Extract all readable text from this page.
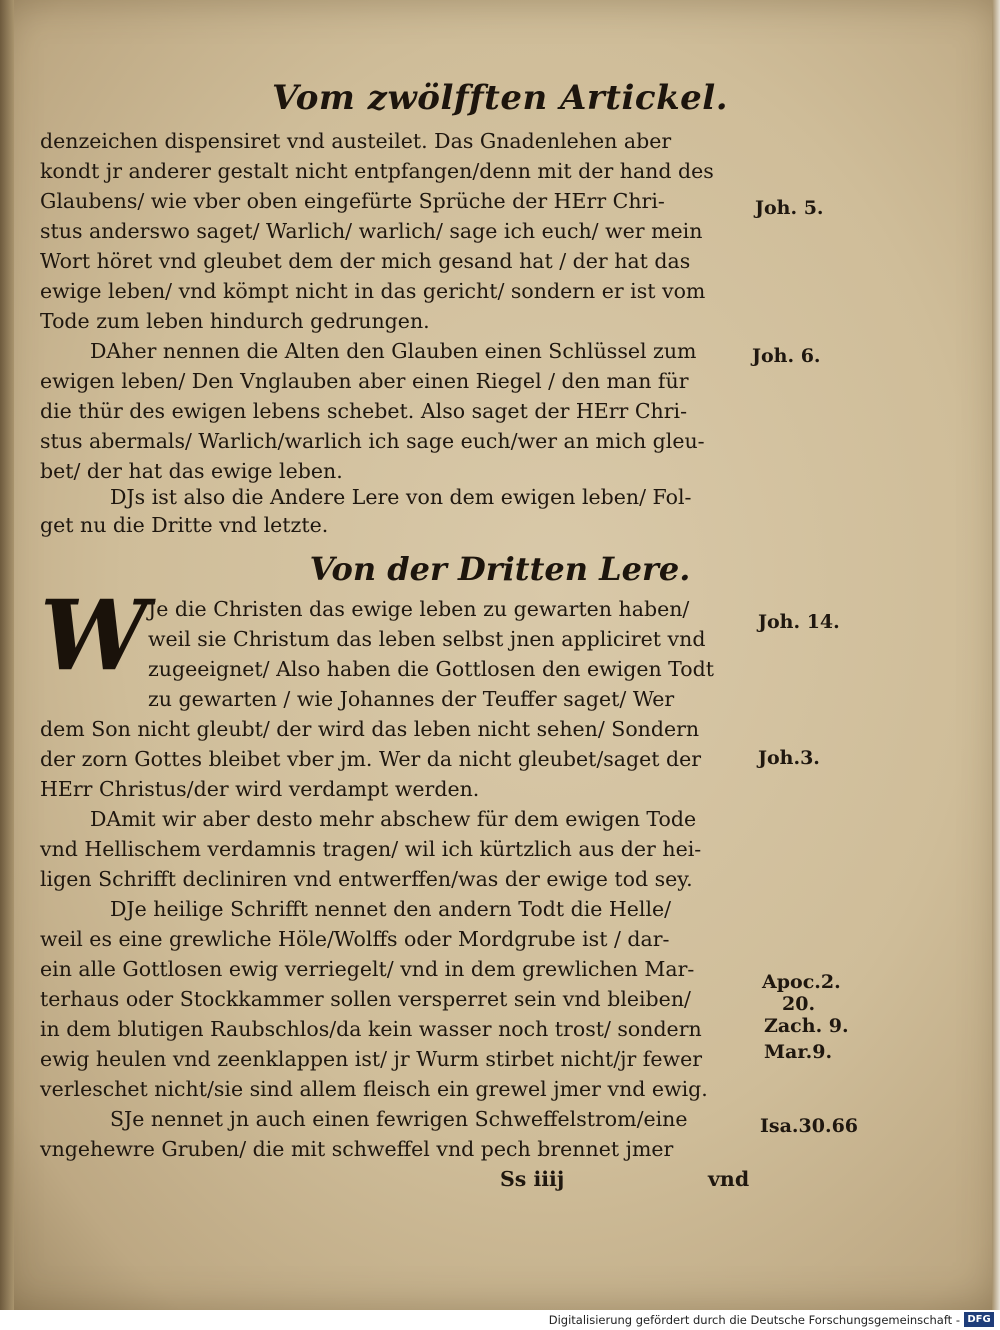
Vom zwölfften Artickel.
denzeichen dispensiret vnd austeilet. Das Gnadenlehen aber
kondt jr anderer gestalt nicht entpfangen/denn mit der hand des
Glaubens/ wie vber oben eingefürte Sprüche der HErr Chri-
stus anderswo saget/ Warlich/ warlich/ sage ich euch/ wer mein
Wort höret vnd gleubet dem der mich gesand hat / der hat das
ewige leben/ vnd kömpt nicht in das gericht/ sondern er ist vom
Tode zum leben hindurch gedrungen.
DAher nennen die Alten den Glauben einen Schlüssel zum
ewigen leben/ Den Vnglauben aber einen Riegel / den man für
die thür des ewigen lebens schebet. Also saget der HErr Chri-
stus abermals/ Warlich/warlich ich sage euch/wer an mich gleu-
bet/ der hat das ewige leben.
DJs ist also die Andere Lere von dem ewigen leben/ Fol-
get nu die Dritte vnd letzte.
Von der Dritten Lere.
W Je die Christen das ewige leben zu gewarten haben/
weil sie Christum das leben selbst jnen appliciret vnd
zugeeignet/ Also haben die Gottlosen den ewigen Todt
zu gewarten / wie Johannes der Teuffer saget/ Wer
dem Son nicht gleubt/ der wird das leben nicht sehen/ Sondern
der zorn Gottes bleibet vber jm. Wer da nicht gleubet/saget der
HErr Christus/der wird verdampt werden.
DAmit wir aber desto mehr abschew für dem ewigen Tode
vnd Hellischem verdamnis tragen/ wil ich kürtzlich aus der hei-
ligen Schrifft decliniren vnd entwerffen/was der ewige tod sey.
DJe heilige Schrifft nennet den andern Todt die Helle/
weil es eine grewliche Höle/Wolffs oder Mordgrube ist / dar-
ein alle Gottlosen ewig verriegelt/ vnd in dem grewlichen Mar-
terhaus oder Stockkammer sollen versperret sein vnd bleiben/
in dem blutigen Raubschlos/da kein wasser noch trost/ sondern
ewig heulen vnd zeenklappen ist/ jr Wurm stirbet nicht/jr fewer
verleschet nicht/sie sind allem fleisch ein grewel jmer vnd ewig.
SJe nennet jn auch einen fewrigen Schweffelstrom/eine
vngehewre Gruben/ die mit schweffel vnd pech brennet jmer
Ss iiij	vnd
Joh. 5.
Joh. 6.
Joh. 14.
Joh.3.
Apoc.2.
20.
Zach. 9.
Mar.9.
Isa.30.66
Digitalisierung gefördert durch die Deutsche Forschungsgemeinschaft - DFG
